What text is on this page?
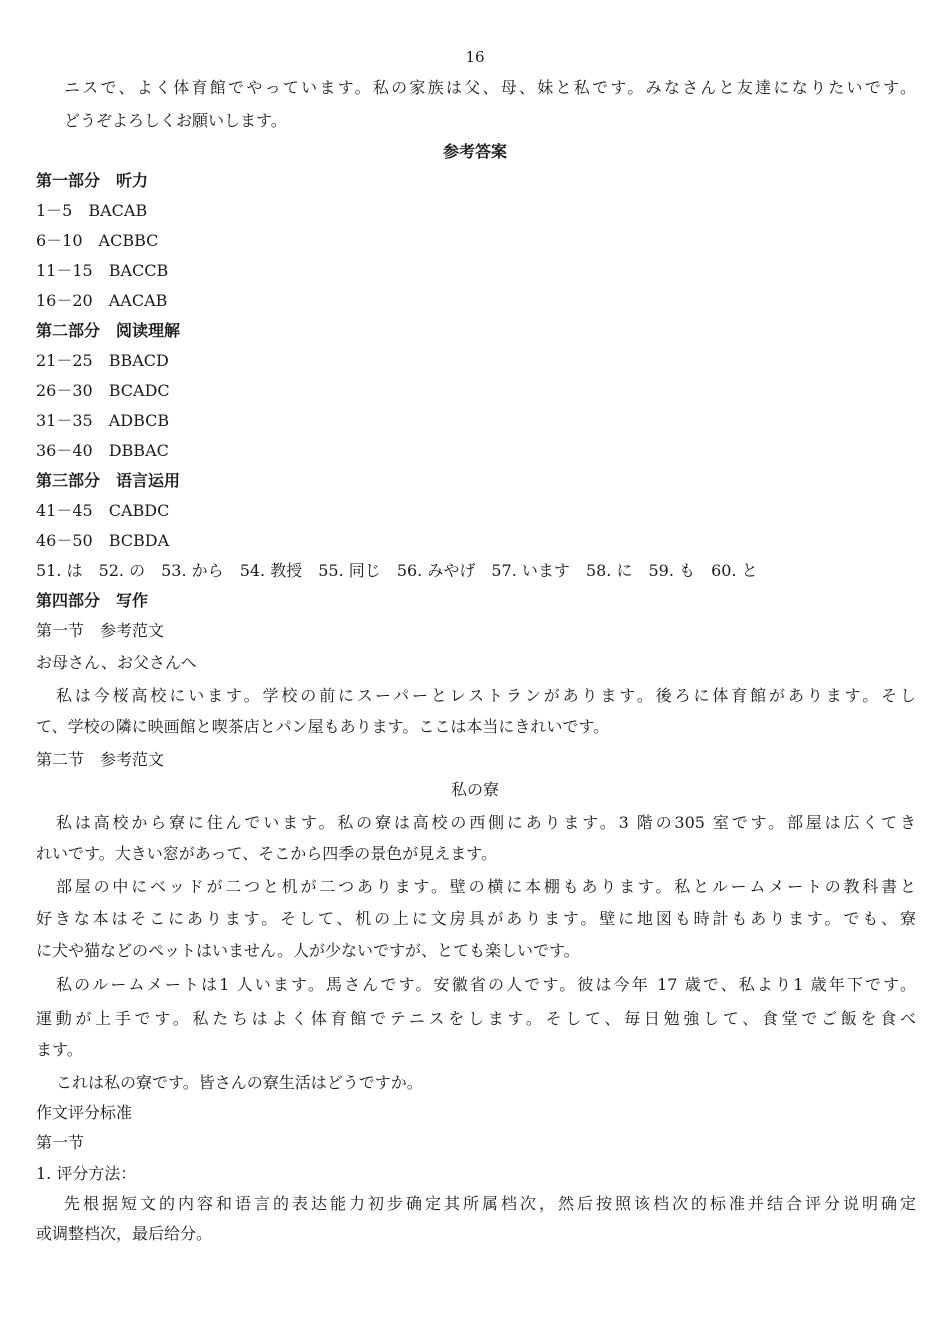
16
ニスで、よく体育館でやっています。私の家族は父、母、妹と私です。みなさんと友達になりたいです。
どうぞよろしくお願いします。
参考答案
第一部分　听力
1－5　BACAB
6－10　ACBBC
11－15　BACCB
16－20　AACAB
第二部分　阅读理解
21－25　BBACD
26－30　BCADC
31－35　ADBCB
36－40　DBBAC
第三部分　语言运用
41－45　CABDC
46－50　BCBDA
51. は　 52. の　 53. から　 54. 教授　 55. 同じ　 56. みやげ　 57. います　 58. に　 59. も　 60. と
第四部分　写作
第一节　参考范文
お母さん、お父さんへ
私は今桜高校にいます。学校の前にスーパーとレストランがあります。後ろに体育館があります。そし
て、学校の隣に映画館と喫茶店とパン屋もあります。ここは本当にきれいです。
第二节　参考范文
私の寮
私は高校から寮に住んでいます。私の寮は高校の西側にあります。3 階の305 室です。部屋は広くてき
れいです。大きい窓があって、そこから四季の景色が見えます。
部屋の中にベッドが二つと机が二つあります。壁の横に本棚もあります。私とルームメートの教科書と
好きな本はそこにあります。そして、机の上に文房具があります。壁に地図も時計もあります。でも、寮
に犬や猫などのペットはいません。人が少ないですが、とても楽しいです。
私のルームメートは1 人います。馬さんです。安徽省の人です。彼は今年 17 歳で、私より1 歳年下です。
運動が上手です。私たちはよく体育館でテニスをします。そして、毎日勉強して、食堂でご飯を食べ
ます。
これは私の寮です。皆さんの寮生活はどうですか。
作文评分标准
第一节
1. 评分方法：
先根据短文的内容和语言的表达能力初步确定其所属档次，然后按照该档次的标准并结合评分说明确定
或调整档次，最后给分。
